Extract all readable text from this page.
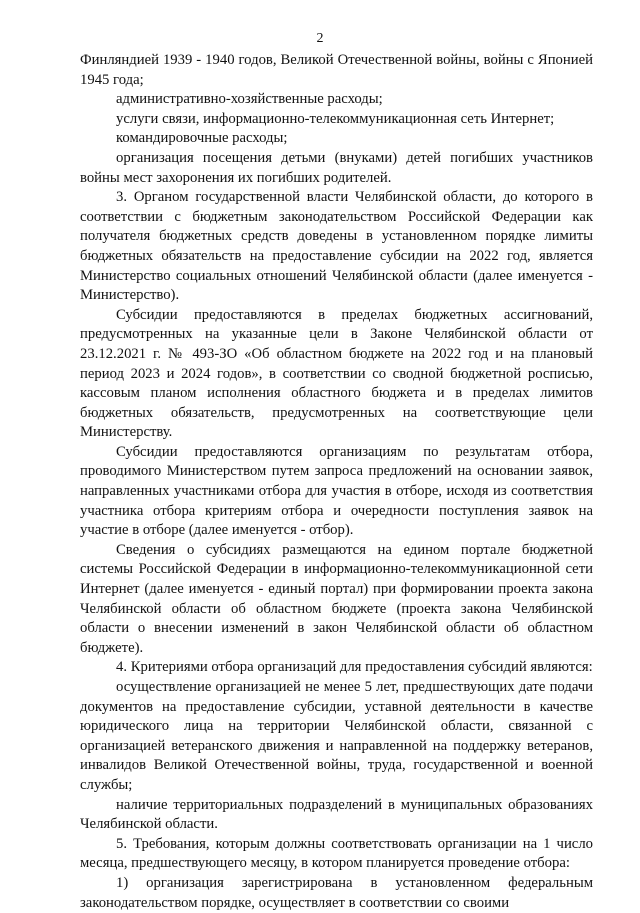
2

Финляндией 1939 - 1940 годов, Великой Отечественной войны, войны с Японией 1945 года;

административно-хозяйственные расходы;

услуги связи, информационно-телекоммуникационная сеть Интернет;

командировочные расходы;

организация посещения детьми (внуками) детей погибших участников войны мест захоронения их погибших родителей.

3. Органом государственной власти Челябинской области, до которого в соответствии с бюджетным законодательством Российской Федерации как получателя бюджетных средств доведены в установленном порядке лимиты бюджетных обязательств на предоставление субсидии на 2022 год, является Министерство социальных отношений Челябинской области (далее именуется - Министерство).

Субсидии предоставляются в пределах бюджетных ассигнований, предусмотренных на указанные цели в Законе Челябинской области от 23.12.2021 г. № 493-ЗО «Об областном бюджете на 2022 год и на плановый период 2023 и 2024 годов», в соответствии со сводной бюджетной росписью, кассовым планом исполнения областного бюджета и в пределах лимитов бюджетных обязательств, предусмотренных на соответствующие цели Министерству.

Субсидии предоставляются организациям по результатам отбора, проводимого Министерством путем запроса предложений на основании заявок, направленных участниками отбора для участия в отборе, исходя из соответствия участника отбора критериям отбора и очередности поступления заявок на участие в отборе (далее именуется - отбор).

Сведения о субсидиях размещаются на едином портале бюджетной системы Российской Федерации в информационно-телекоммуникационной сети Интернет (далее именуется - единый портал) при формировании проекта закона Челябинской области об областном бюджете (проекта закона Челябинской области о внесении изменений в закон Челябинской области об областном бюджете).

4. Критериями отбора организаций для предоставления субсидий являются:

осуществление организацией не менее 5 лет, предшествующих дате подачи документов на предоставление субсидии, уставной деятельности в качестве юридического лица на территории Челябинской области, связанной с организацией ветеранского движения и направленной на поддержку ветеранов, инвалидов Великой Отечественной войны, труда, государственной и военной службы;

наличие территориальных подразделений в муниципальных образованиях Челябинской области.

5. Требования, которым должны соответствовать организации на 1 число месяца, предшествующего месяцу, в котором планируется проведение отбора:

1) организация зарегистрирована в установленном федеральным законодательством порядке, осуществляет в соответствии со своими
